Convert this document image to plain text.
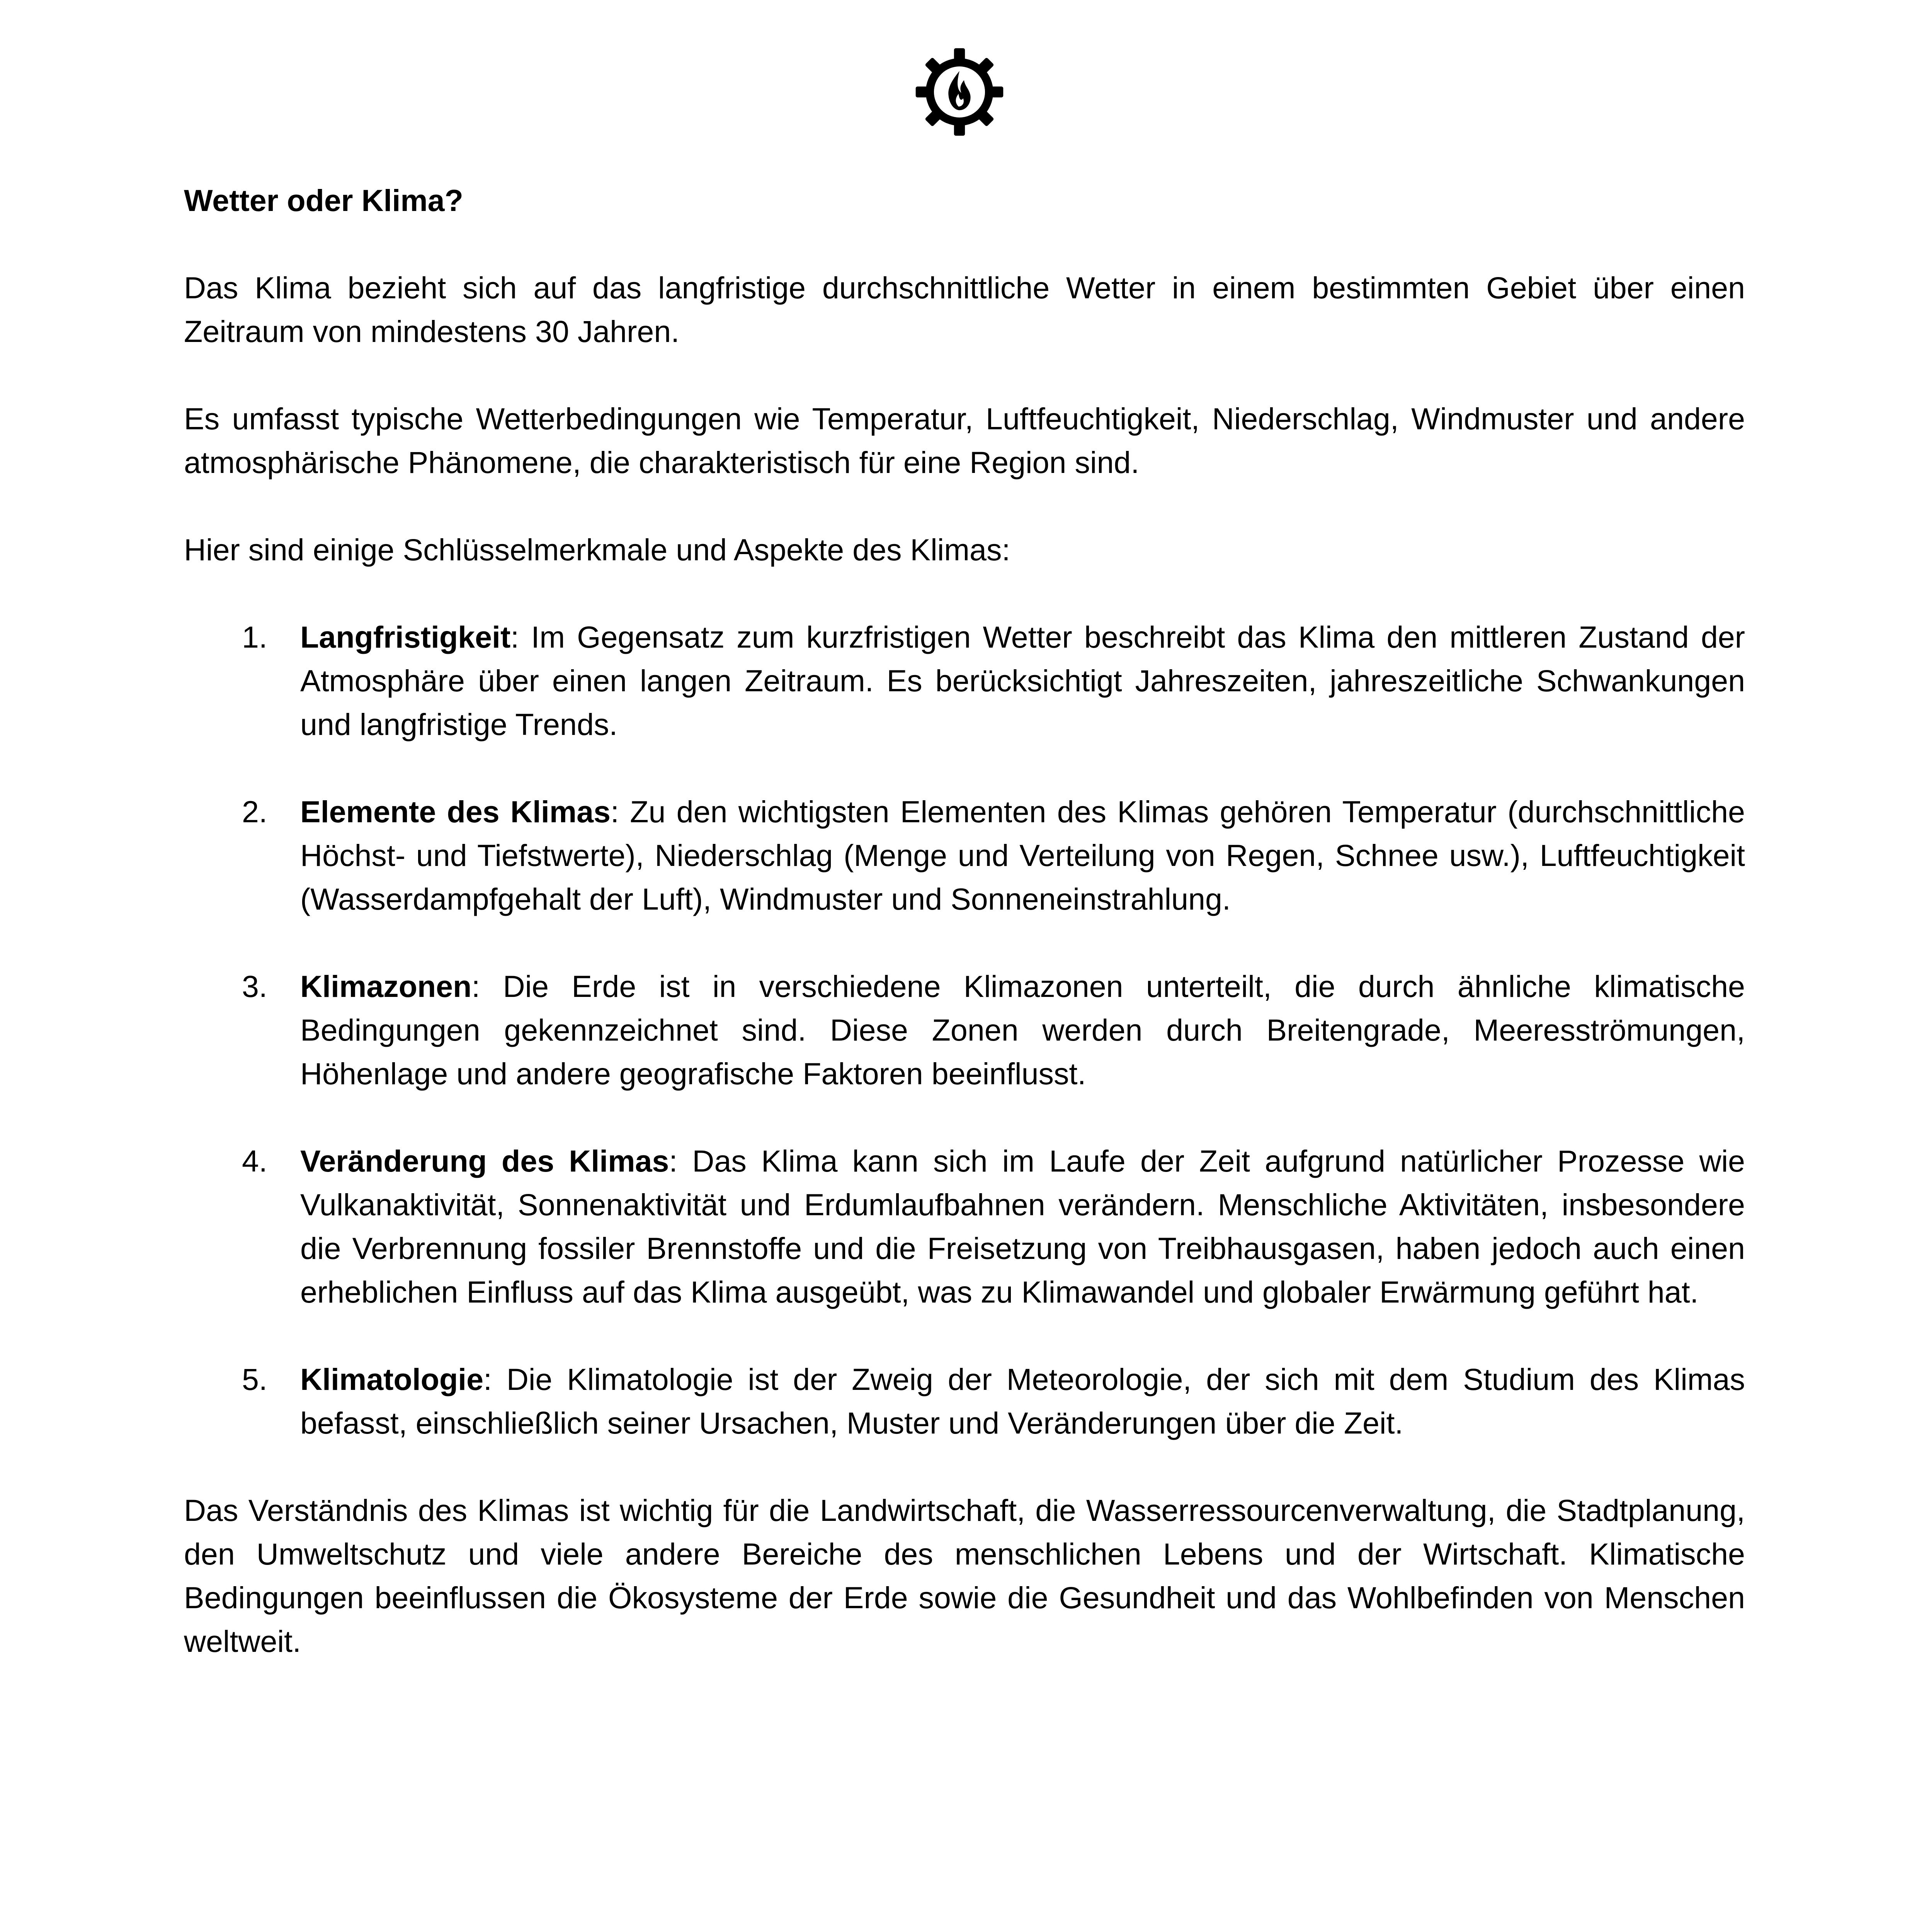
Wetter oder Klima?

Das Klima bezieht sich auf das langfristige durchschnittliche Wetter in einem bestimmten Gebiet über einen Zeitraum von mindestens 30 Jahren.

Es umfasst typische Wetterbedingungen wie Temperatur, Luftfeuchtigkeit, Niederschlag, Windmuster und andere atmosphärische Phänomene, die charakteristisch für eine Region sind.

Hier sind einige Schlüsselmerkmale und Aspekte des Klimas:

1. Langfristigkeit: Im Gegensatz zum kurzfristigen Wetter beschreibt das Klima den mittleren Zustand der Atmosphäre über einen langen Zeitraum. Es berücksichtigt Jahreszeiten, jahreszeitliche Schwankungen und langfristige Trends.
2. Elemente des Klimas: Zu den wichtigsten Elementen des Klimas gehören Temperatur (durchschnittliche Höchst- und Tiefstwerte), Niederschlag (Menge und Verteilung von Regen, Schnee usw.), Luftfeuchtigkeit (Wasserdampfgehalt der Luft), Windmuster und Sonneneinstrahlung.
3. Klimazonen: Die Erde ist in verschiedene Klimazonen unterteilt, die durch ähnliche klimatische Bedingungen gekennzeichnet sind. Diese Zonen werden durch Breitengrade, Meeresströmungen, Höhenlage und andere geografische Faktoren beeinflusst.
4. Veränderung des Klimas: Das Klima kann sich im Laufe der Zeit aufgrund natürlicher Prozesse wie Vulkanaktivität, Sonnenaktivität und Erdumlaufbahnen verändern. Menschliche Aktivitäten, insbesondere die Verbrennung fossiler Brennstoffe und die Freisetzung von Treibhausgasen, haben jedoch auch einen erheblichen Einfluss auf das Klima ausgeübt, was zu Klimawandel und globaler Erwärmung geführt hat.
5. Klimatologie: Die Klimatologie ist der Zweig der Meteorologie, der sich mit dem Studium des Klimas befasst, einschließlich seiner Ursachen, Muster und Veränderungen über die Zeit.

Das Verständnis des Klimas ist wichtig für die Landwirtschaft, die Wasserressourcenverwaltung, die Stadtplanung, den Umweltschutz und viele andere Bereiche des menschlichen Lebens und der Wirtschaft. Klimatische Bedingungen beeinflussen die Ökosysteme der Erde sowie die Gesundheit und das Wohlbefinden von Menschen weltweit.
